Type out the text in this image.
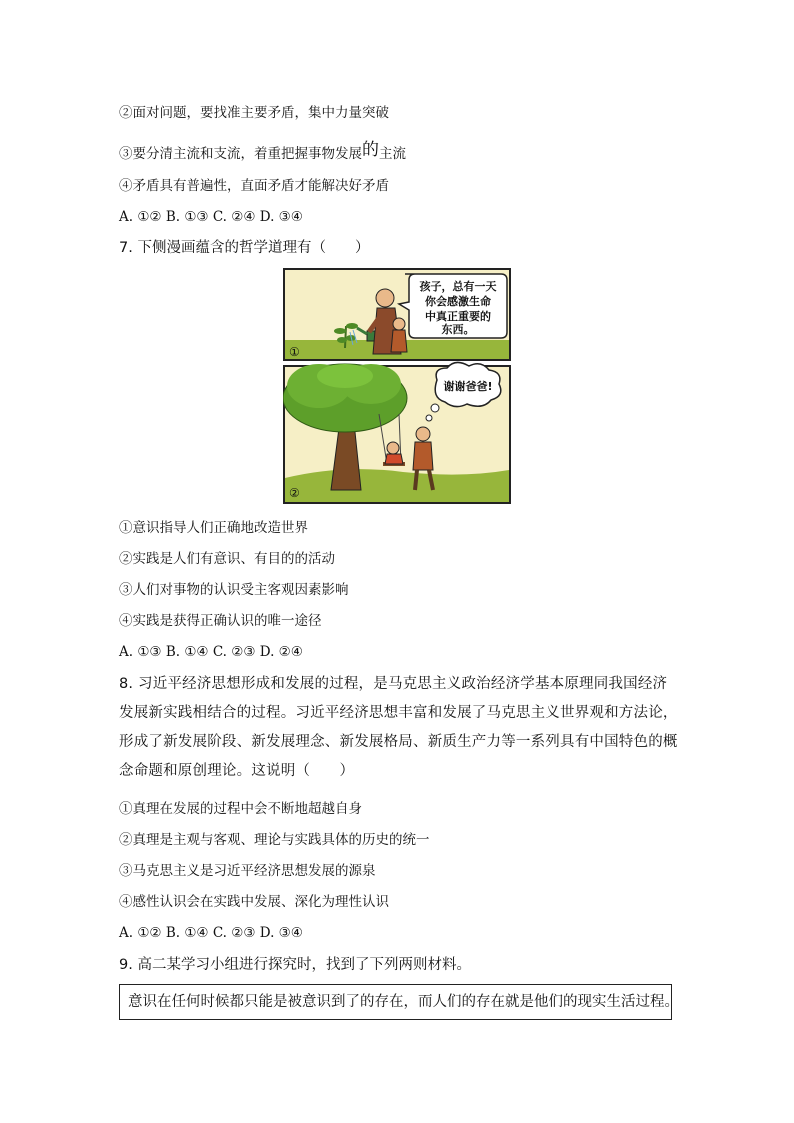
②面对问题，要找准主要矛盾，集中力量突破
③要分清主流和支流，着重把握事物发展的主流
④矛盾具有普遍性，直面矛盾才能解决好矛盾
A. ①② B. ①③ C. ②④ D. ③④
7. 下侧漫画蕴含的哲学道理有（　　）
孩子，总有一天
你会感激生命
中真正重要的
东西。
①
谢谢爸爸!
②
①意识指导人们正确地改造世界
②实践是人们有意识、有目的的活动
③人们对事物的认识受主客观因素影响
④实践是获得正确认识的唯一途径
A. ①③ B. ①④ C. ②③ D. ②④
8. 习近平经济思想形成和发展的过程，是马克思主义政治经济学基本原理同我国经济发展新实践相结合的过程。习近平经济思想丰富和发展了马克思主义世界观和方法论，形成了新发展阶段、新发展理念、新发展格局、新质生产力等一系列具有中国特色的概念命题和原创理论。这说明（　　）
①真理在发展的过程中会不断地超越自身
②真理是主观与客观、理论与实践具体的历史的统一
③马克思主义是习近平经济思想发展的源泉
④感性认识会在实践中发展、深化为理性认识
A. ①② B. ①④ C. ②③ D. ③④
9. 高二某学习小组进行探究时，找到了下列两则材料。
意识在任何时候都只能是被意识到了的存在，而人们的存在就是他们的现实生活过程。
